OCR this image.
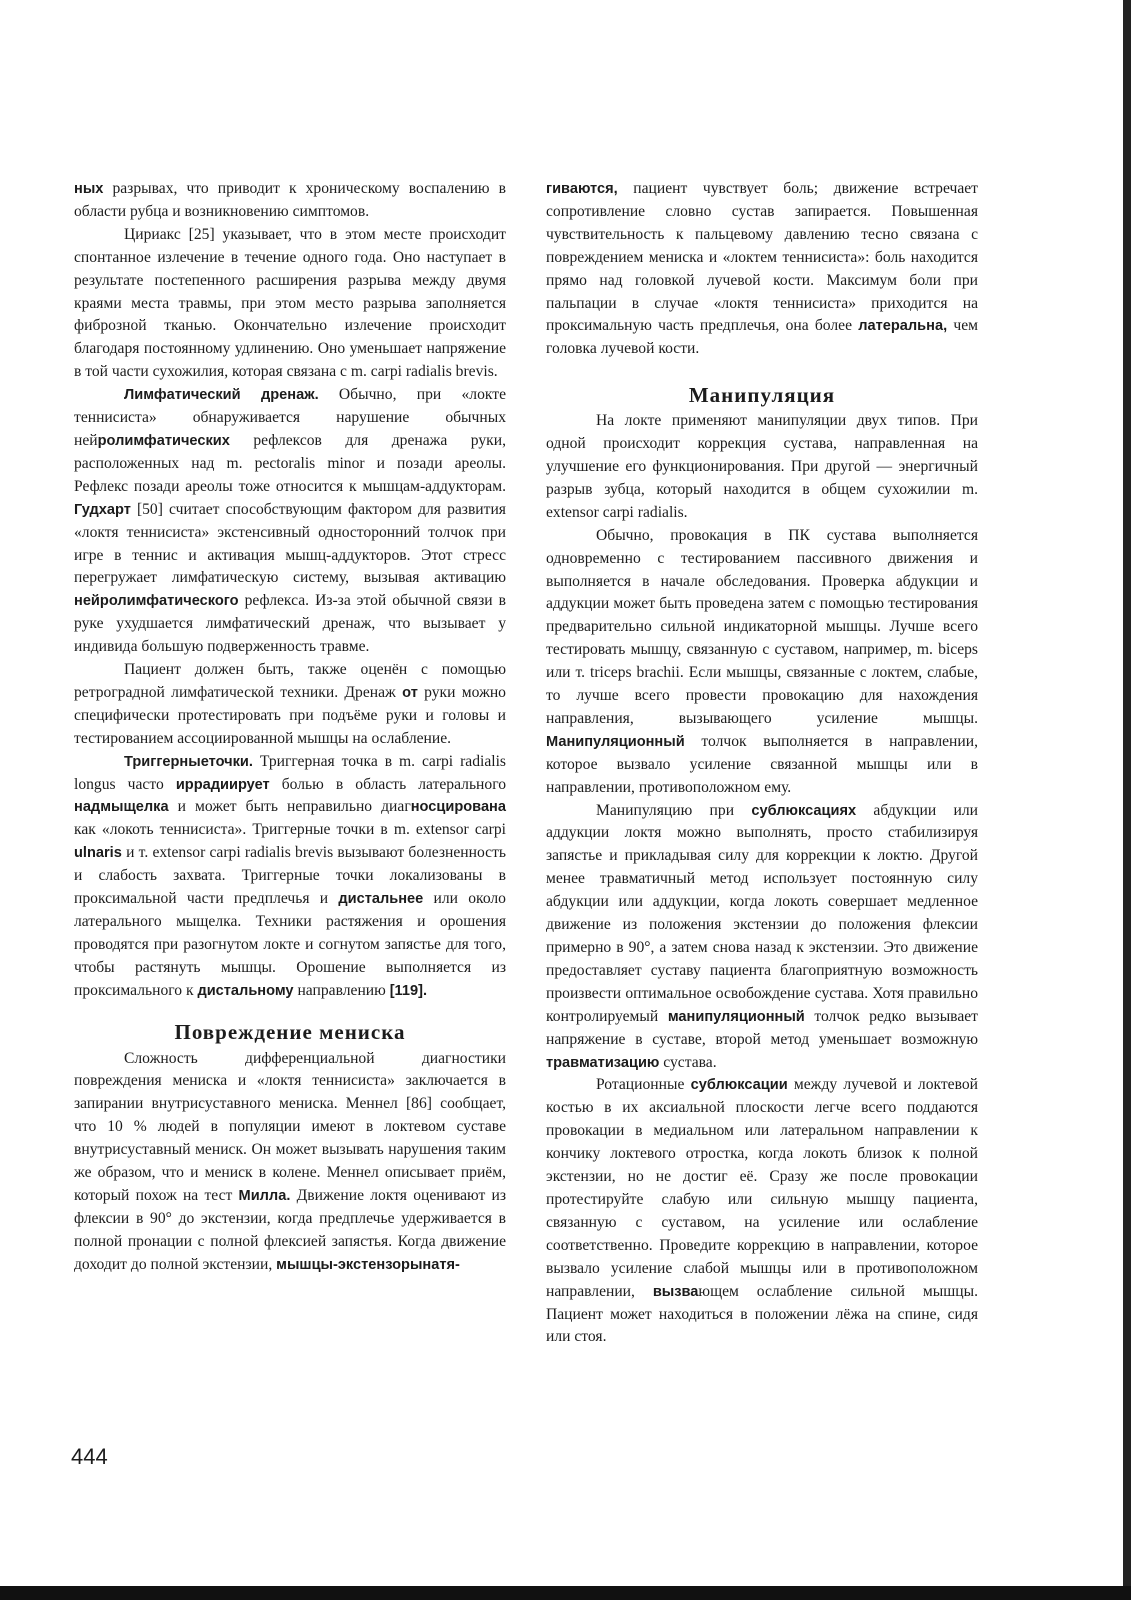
ных разрывах, что приводит к хроническому воспалению в области рубца и возникновению симптомов.

Цириакс [25] указывает, что в этом месте происходит спонтанное излечение в течение одного года. Оно наступает в результате постепенного расширения разрыва между двумя краями места травмы, при этом место разрыва заполняется фиброзной тканью. Окончательно излечение происходит благодаря постоянному удлинению. Оно уменьшает напряжение в той части сухожилия, которая связана с m. carpi radialis brevis.

Лимфатический дренаж. Обычно, при «локте теннисиста» обнаруживается нарушение обычных нейролимфатических рефлексов для дренажа руки, расположенных над m. pectoralis minor и позади ареолы. Рефлекс позади ареолы тоже относится к мышцам-аддукторам. Гудхарт [50] считает способствующим фактором для развития «локтя теннисиста» экстенсивный односторонний толчок при игре в теннис и активация мышц-аддукторов. Этот стресс перегружает лимфатическую систему, вызывая активацию нейролимфатического рефлекса. Из-за этой обычной связи в руке ухудшается лимфатический дренаж, что вызывает у индивида большую подверженность травме.

Пациент должен быть, также оценён с помощью ретроградной лимфатической техники. Дренаж от руки можно специфически протестировать при подъёме руки и головы и тестированием ассоциированной мышцы на ослабление.

Триггерныеточки. Триггерная точка в m. carpi radialis longus часто иррадиирует болью в область латерального надмыщелка и может быть неправильно диагносцирована как «локоть теннисиста». Триггерные точки в m. extensor carpi ulnaris и т. extensor carpi radialis brevis вызывают болезненность и слабость захвата. Триггерные точки локализованы в проксимальной части предплечья и дистальнее или около латерального мыщелка. Техники растяжения и орошения проводятся при разогнутом локте и согнутом запястье для того, чтобы растянуть мышцы. Орошение выполняется из проксимального к дистальному направлению [119].

Повреждение мениска

Сложность дифференциальной диагностики повреждения мениска и «локтя теннисиста» заключается в запирании внутрисуставного мениска. Меннел [86] сообщает, что 10 % людей в популяции имеют в локтевом суставе внутрисуставный мениск. Он может вызывать нарушения таким же образом, что и мениск в колене. Меннел описывает приём, который похож на тест Милла. Движение локтя оценивают из флексии в 90° до экстензии, когда предплечье удерживается в полной пронации с полной флексией запястья. Когда движение доходит до полной экстензии, мышцы-экстензорынатя-

гиваются, пациент чувствует боль; движение встречает сопротивление словно сустав запирается. Повышенная чувствительность к пальцевому давлению тесно связана с повреждением мениска и «локтем теннисиста»: боль находится прямо над головкой лучевой кости. Максимум боли при пальпации в случае «локтя теннисиста» приходится на проксимальную часть предплечья, она более латеральна, чем головка лучевой кости.

Манипуляция

На локте применяют манипуляции двух типов. При одной происходит коррекция сустава, направленная на улучшение его функционирования. При другой — энергичный разрыв зубца, который находится в общем сухожилии m. extensor carpi radialis.

Обычно, провокация в ПК сустава выполняется одновременно с тестированием пассивного движения и выполняется в начале обследования. Проверка абдукции и аддукции может быть проведена затем с помощью тестирования предварительно сильной индикаторной мышцы. Лучше всего тестировать мышцу, связанную с суставом, например, m. biceps или т. triceps brachii. Если мышцы, связанные с локтем, слабые, то лучше всего провести провокацию для нахождения направления, вызывающего усиление мышцы. Манипуляционный толчок выполняется в направлении, которое вызвало усиление связанной мышцы или в направлении, противоположном ему.

Манипуляцию при сублюксациях абдукции или аддукции локтя можно выполнять, просто стабилизируя запястье и прикладывая силу для коррекции к локтю. Другой менее травматичный метод использует постоянную силу абдукции или аддукции, когда локоть совершает медленное движение из положения экстензии до положения флексии примерно в 90°, а затем снова назад к экстензии. Это движение предоставляет суставу пациента благоприятную возможность произвести оптимальное освобождение сустава. Хотя правильно контролируемый манипуляционный толчок редко вызывает напряжение в суставе, второй метод уменьшает возможную травматизацию сустава.

Ротационные сублюксации между лучевой и локтевой костью в их аксиальной плоскости легче всего поддаются провокации в медиальном или латеральном направлении к кончику локтевого отростка, когда локоть близок к полной экстензии, но не достиг её. Сразу же после провокации протестируйте слабую или сильную мышцу пациента, связанную с суставом, на усиление или ослабление соответственно. Проведите коррекцию в направлении, которое вызвало усиление слабой мышцы или в противоположном направлении, вызвающем ослабление сильной мышцы. Пациент может находиться в положении лёжа на спине, сидя или стоя.

444
